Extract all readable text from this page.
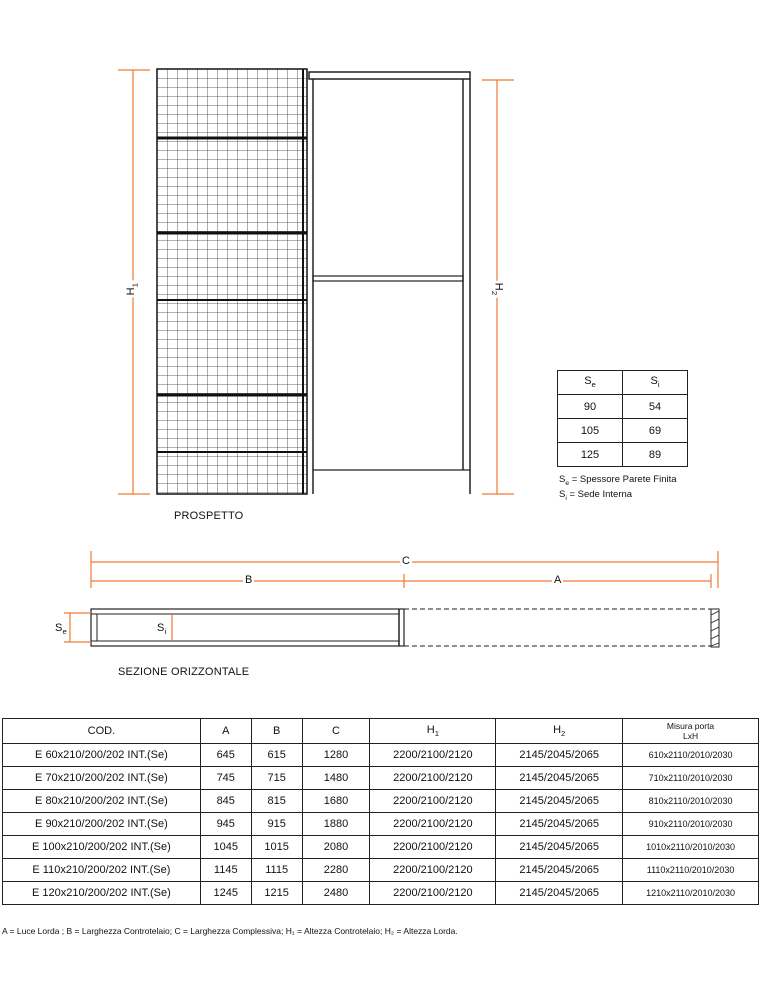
$H_1$	$H_2$
PROSPETTO
C
B	A
$S_e$	$S_i$
SEZIONE ORIZZONTALE
$S_e$	$S_i$
90	54
105	69
125	89
$S_e$ = Spessore Parete Finita
$S_i$ = Sede Interna
COD.	A	B	C	$H_1$	$H_2$	Misura porta
LxH

E 60x210/200/202 INT.(Se)	645	615	1280	2200/2100/2120	2145/2045/2065	610x2110/2010/2030
E 70x210/200/202 INT.(Se)	745	715	1480	2200/2100/2120	2145/2045/2065	710x2110/2010/2030
E 80x210/200/202 INT.(Se)	845	815	1680	2200/2100/2120	2145/2045/2065	810x2110/2010/2030
E 90x210/200/202 INT.(Se)	945	915	1880	2200/2100/2120	2145/2045/2065	910x2110/2010/2030
E 100x210/200/202 INT.(Se)	1045	1015	2080	2200/2100/2120	2145/2045/2065	1010x2110/2010/2030
E 110x210/200/202 INT.(Se)	1145	1115	2280	2200/2100/2120	2145/2045/2065	1110x2110/2010/2030
E 120x210/200/202 INT.(Se)	1245	1215	2480	2200/2100/2120	2145/2045/2065	1210x2110/2010/2030
A = Luce Lorda ; B = Larghezza Controtelaio; C = Larghezza Complessiva; H₁ = Altezza Controtelaio; H₂ = Altezza Lorda.
